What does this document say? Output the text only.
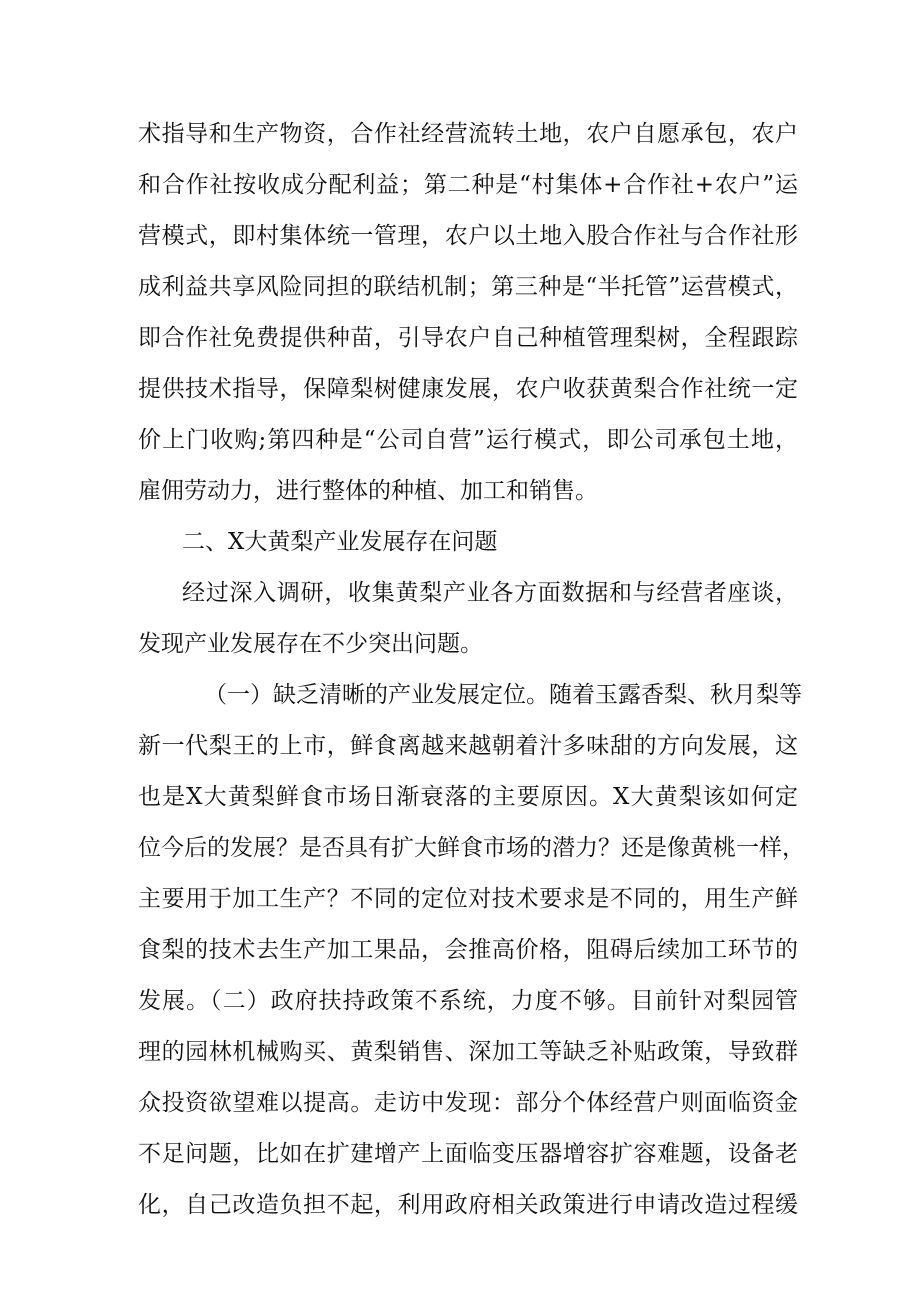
术指导和生产物资，合作社经营流转土地，农户自愿承包，农户
和合作社按收成分配利益；第二种是“村集体+合作社+农户”运
营模式，即村集体统一管理，农户以土地入股合作社与合作社形
成利益共享风险同担的联结机制；第三种是“半托管”运营模式，
即合作社免费提供种苗，引导农户自己种植管理梨树，全程跟踪
提供技术指导，保障梨树健康发展，农户收获黄梨合作社统一定
价上门收购;第四种是“公司自营”运行模式，即公司承包土地，
雇佣劳动力，进行整体的种植、加工和销售。
二、X大黄梨产业发展存在问题
经过深入调研，收集黄梨产业各方面数据和与经营者座谈，
发现产业发展存在不少突出问题。
（一）缺乏清晰的产业发展定位。随着玉露香梨、秋月梨等
新一代梨王的上市，鲜食离越来越朝着汁多味甜的方向发展，这
也是X大黄梨鲜食市场日渐衰落的主要原因。X大黄梨该如何定
位今后的发展？是否具有扩大鲜食市场的潜力？还是像黄桃一样，
主要用于加工生产？不同的定位对技术要求是不同的，用生产鲜
食梨的技术去生产加工果品，会推高价格，阻碍后续加工环节的
发展。（二）政府扶持政策不系统，力度不够。目前针对梨园管
理的园林机械购买、黄梨销售、深加工等缺乏补贴政策，导致群
众投资欲望难以提高。走访中发现：部分个体经营户则面临资金
不足问题，比如在扩建增产上面临变压器增容扩容难题，设备老
化，自己改造负担不起，利用政府相关政策进行申请改造过程缓
